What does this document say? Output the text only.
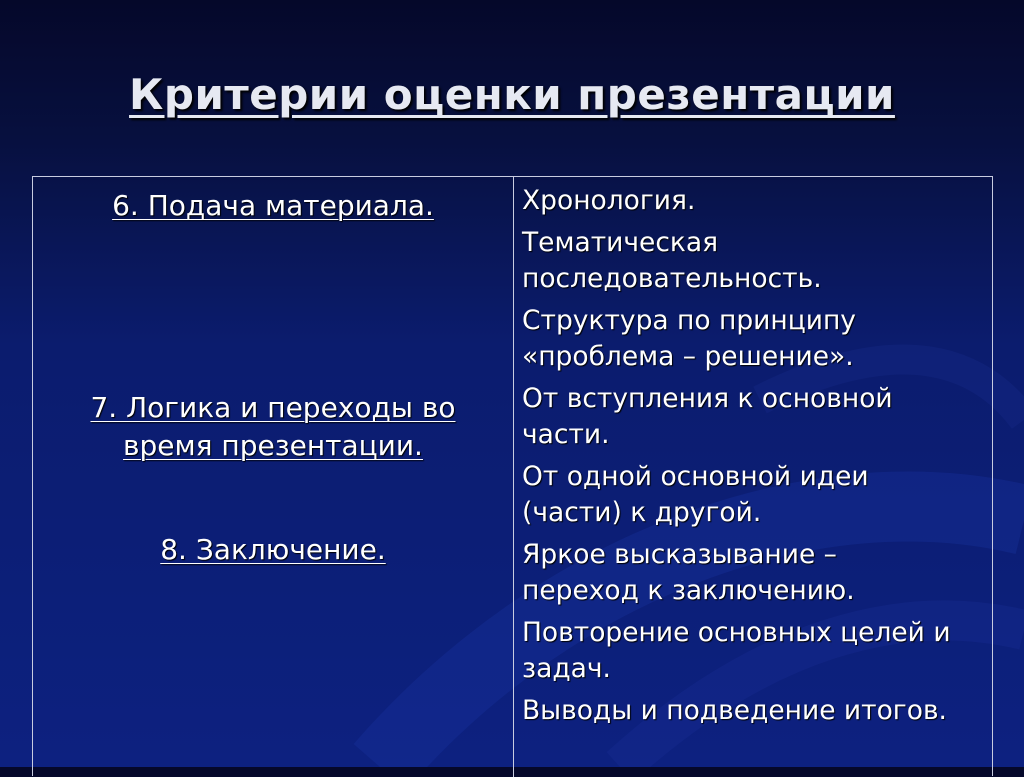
Критерии оценки презентации
6. Подача материала.
7. Логика и переходы во время презентации.
8. Заключение.
Хронология.
Тематическая последовательность.
Структура по принципу «проблема – решение».
От вступления к основной части.
От одной основной идеи (части) к другой.
Яркое высказывание – переход к заключению.
Повторение основных целей и задач.
Выводы и подведение итогов.
